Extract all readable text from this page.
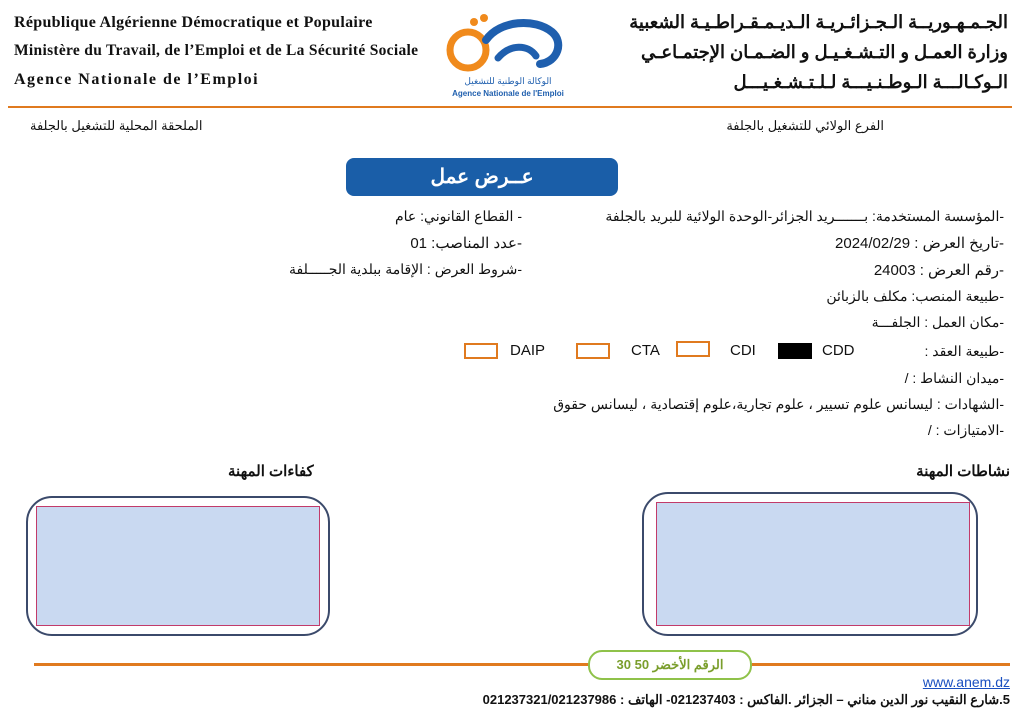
République Algérienne Démocratique et Populaire
Ministère du Travail, de l’Emploi et de La Sécurité Sociale
Agence Nationale de l’Emploi	الوكالة الوطنية للتشغيل
Agence Nationale de l'Emploi
الجـمـهـوريــة الـجـزائـريـة الـديـمـقـراطـيـة الشعبية
وزارة العمـل و التـشـغـيـل و الضـمـان الإجتمـاعـي
الـوكـالـــة الـوطـنـيـــة لـلـتـشـغـيـــل
الفرع الولائي للتشغيل بالجلفة
الملحقة المحلية للتشغيل بالجلفة
عــرض عمل
-المؤسسة المستخدمة: بـــــــريد الجزائر-الوحدة الولائية للبريد بالجلفة
-تاريخ العرض : 2024/02/29
-رقم العرض : 24003
-طبيعة المنصب: مكلف بالزبائن
-مكان العمل : الجلفـــة
- القطاع القانوني: عام
-عدد المناصب: 01
-شروط العرض : الإقامة ببلدية الجـــــلفة
-طبيعة العقد :
CDD
CDI
CTA
DAIP
-ميدان النشاط : /
-الشهادات : ليسانس علوم تسيير ، علوم تجارية،علوم إقتصادية ، ليسانس حقوق
-الامتيازات : /
نشاطات المهنة
كفاءات المهنة
الرقم الأخضر 50 30
www.anem.dz
5.شارع النقيب نور الدين مناني – الجزائر .الفاكس : 021237403- الهاتف : 021237321/021237986
